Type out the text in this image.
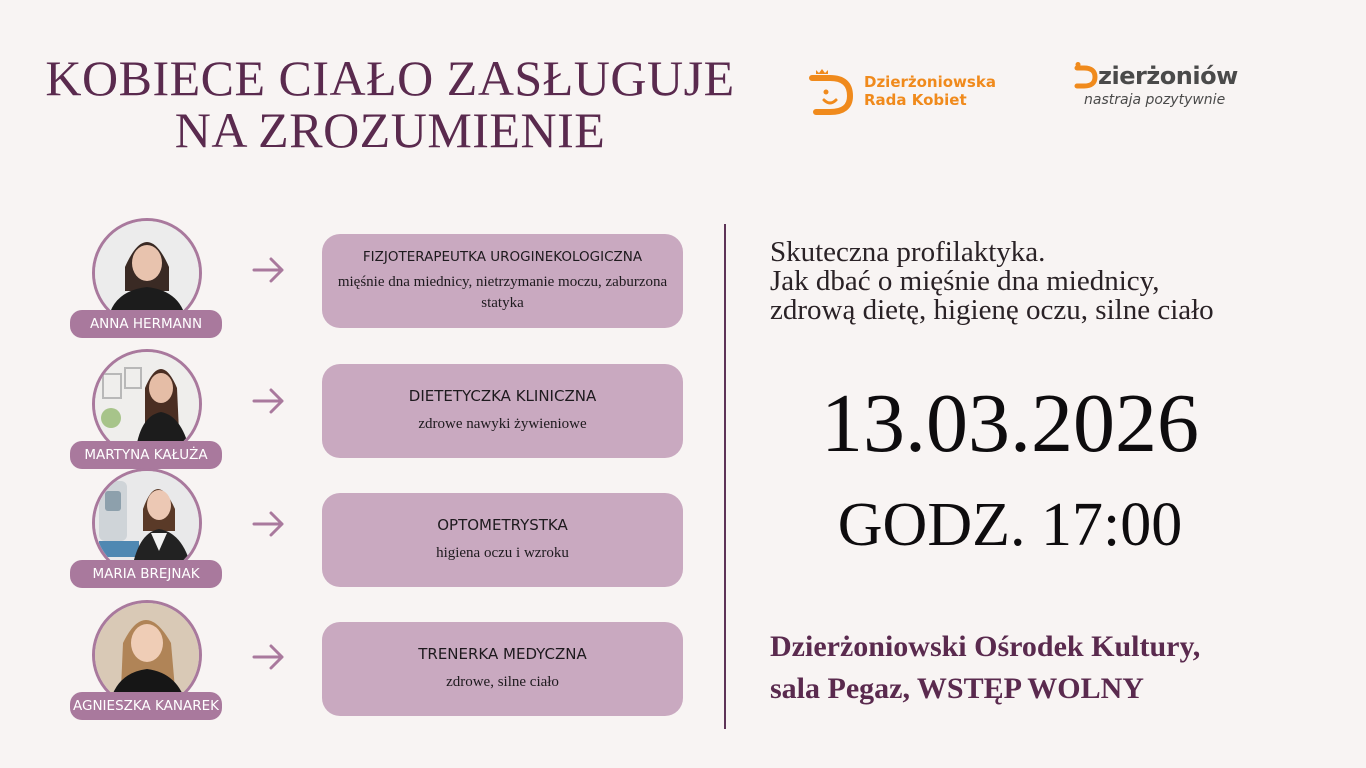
KOBIECE CIAŁO ZASŁUGUJE
NA ZROZUMIENIE
Dzierżoniowska
Rada Kobiet
zierżoniów
nastraja pozytywnie
ANNA HERMANN
FIZJOTERAPEUTKA UROGINEKOLOGICZNA
mięśnie dna miednicy, nietrzymanie moczu, zaburzona statyka
MARTYNA KAŁUŻA
DIETETYCZKA KLINICZNA
zdrowe nawyki żywieniowe
MARIA BREJNAK
OPTOMETRYSTKA
higiena oczu i wzroku
AGNIESZKA KANAREK
TRENERKA MEDYCZNA
zdrowe, silne ciało
Skuteczna profilaktyka.
Jak dbać o mięśnie dna miednicy,
zdrową dietę, higienę oczu, silne ciało
13.03.2026
GODZ. 17:00
Dzierżoniowski Ośrodek Kultury,
sala Pegaz, WSTĘP WOLNY
